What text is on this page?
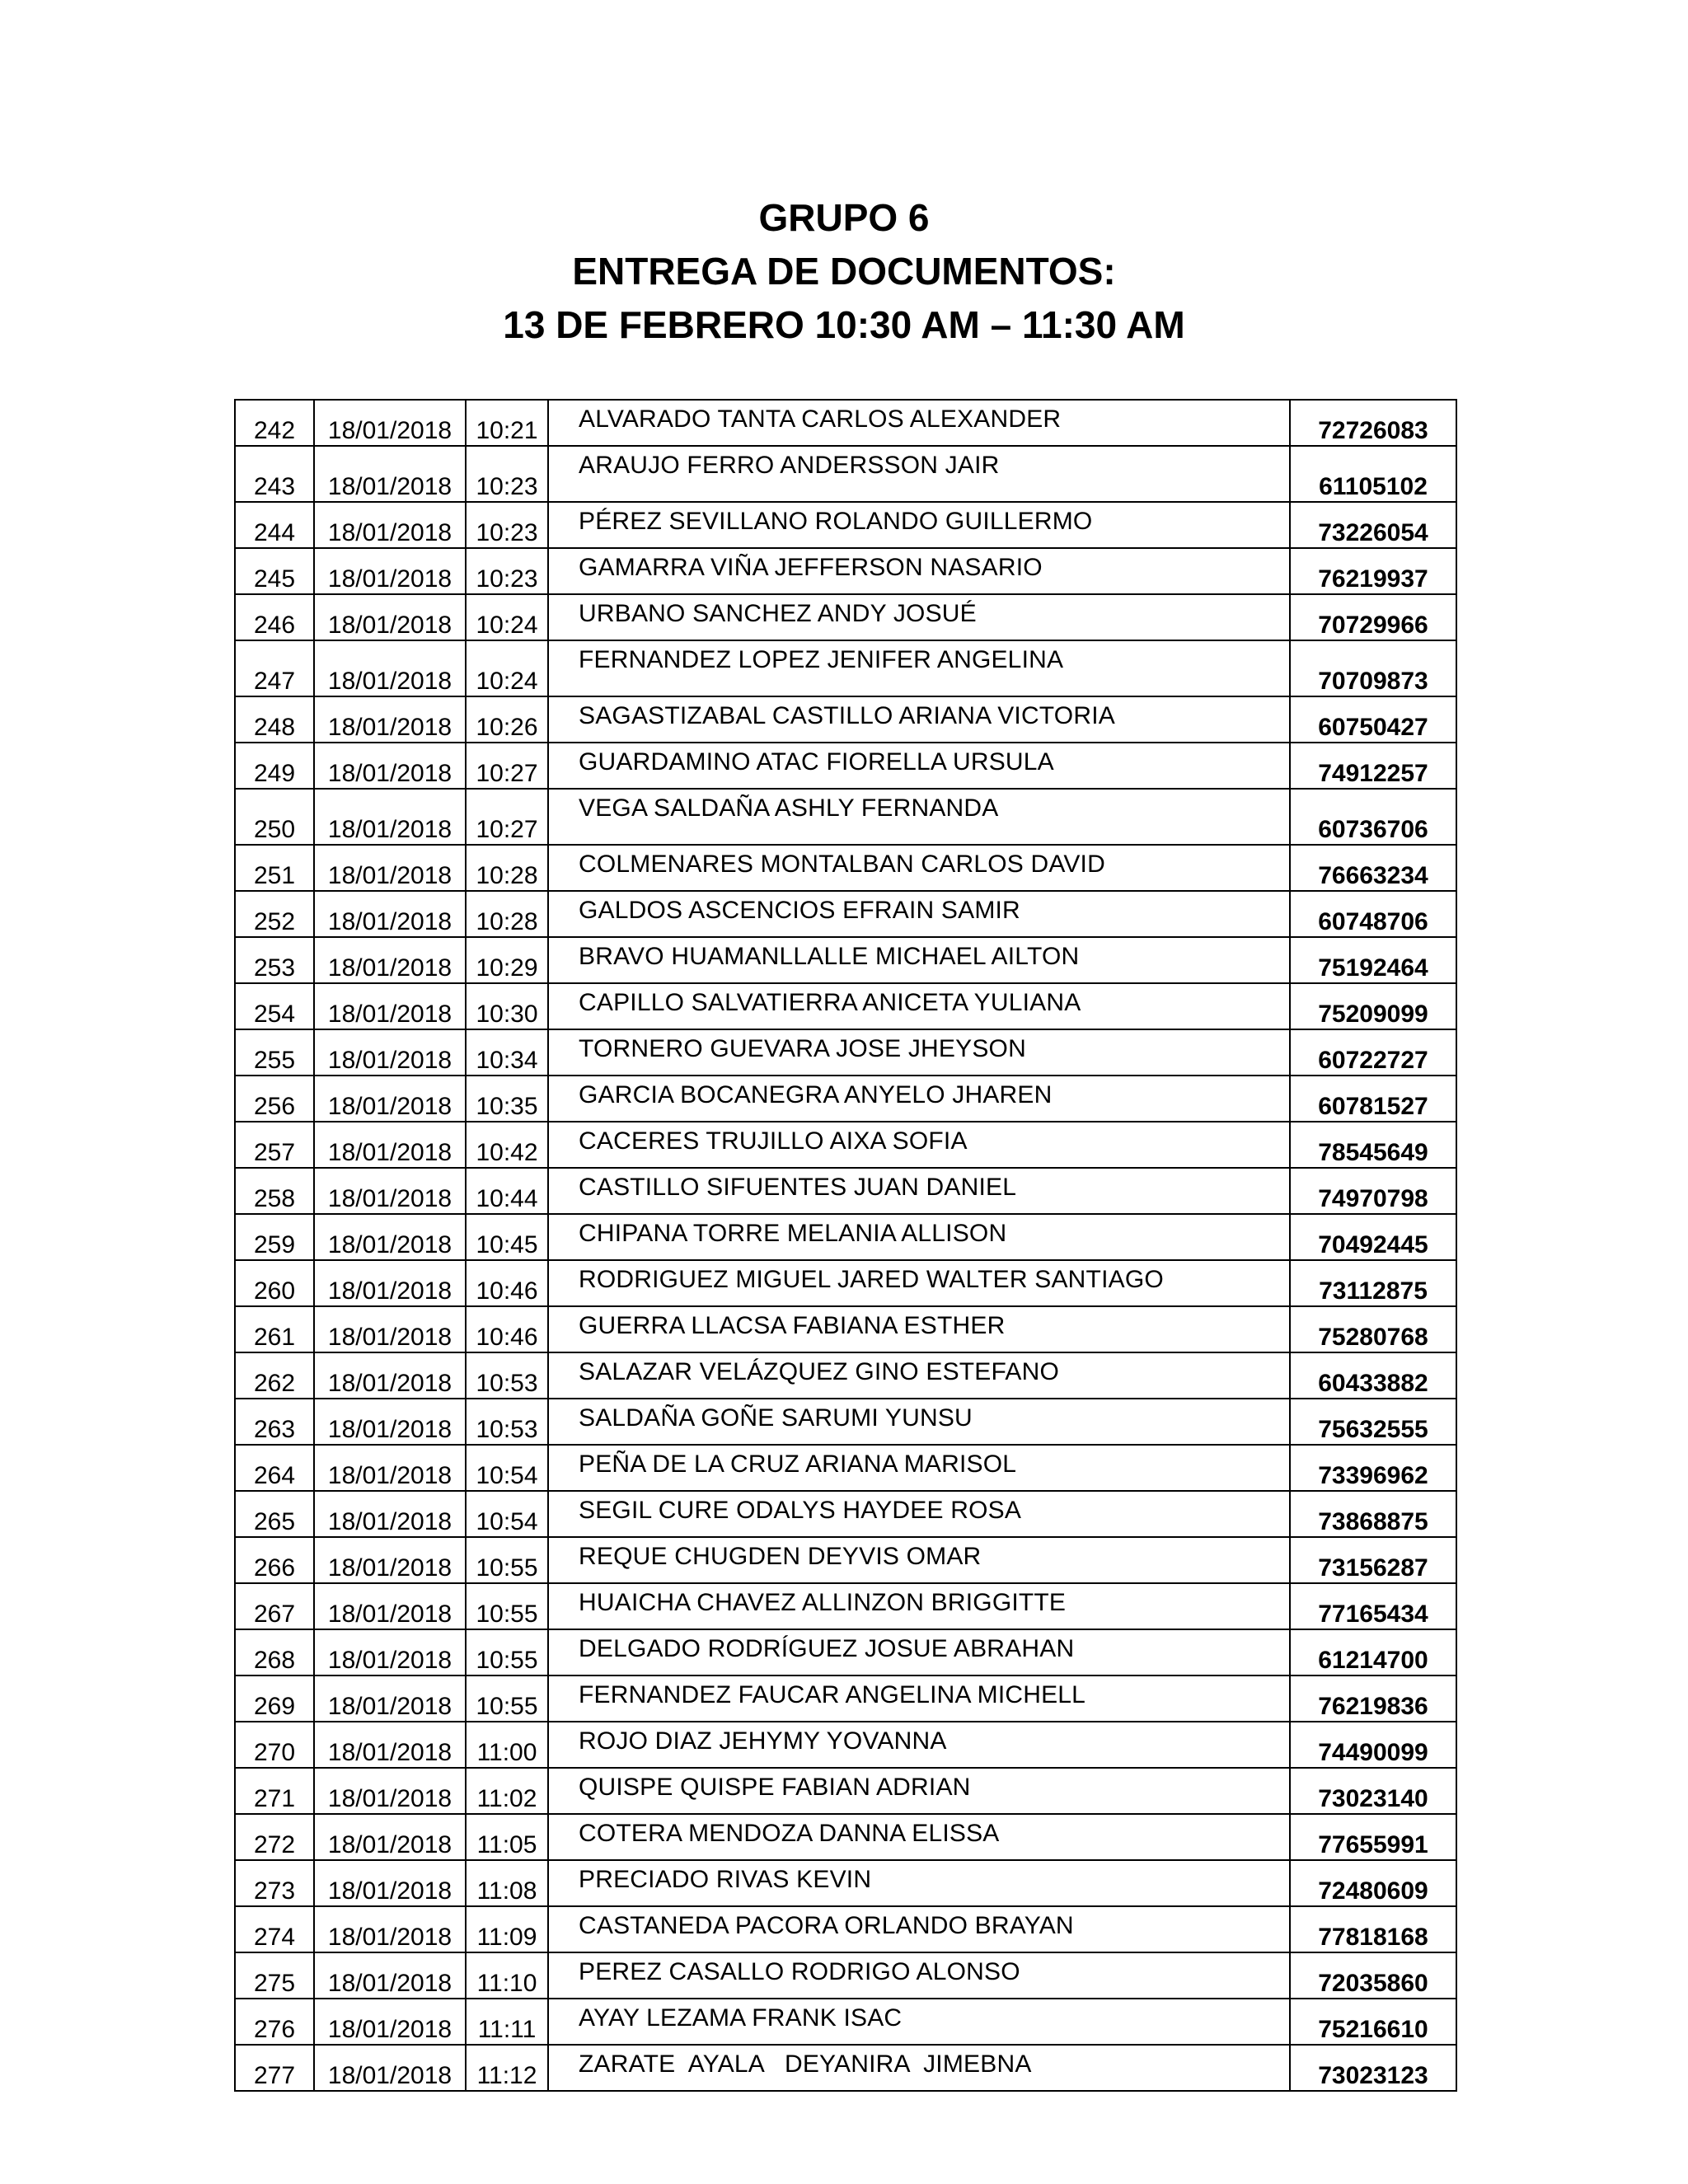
GRUPO 6
ENTREGA DE DOCUMENTOS:
13 DE FEBRERO 10:30 AM – 11:30 AM
242	18/01/2018	10:21	ALVARADO TANTA CARLOS ALEXANDER	72726083
243	18/01/2018	10:23	ARAUJO FERRO ANDERSSON JAIR	61105102
244	18/01/2018	10:23	PÉREZ SEVILLANO ROLANDO GUILLERMO	73226054
245	18/01/2018	10:23	GAMARRA VIÑA JEFFERSON NASARIO	76219937
246	18/01/2018	10:24	URBANO SANCHEZ ANDY JOSUÉ	70729966
247	18/01/2018	10:24	FERNANDEZ LOPEZ JENIFER ANGELINA	70709873
248	18/01/2018	10:26	SAGASTIZABAL CASTILLO ARIANA VICTORIA	60750427
249	18/01/2018	10:27	GUARDAMINO ATAC FIORELLA URSULA	74912257
250	18/01/2018	10:27	VEGA SALDAÑA ASHLY FERNANDA	60736706
251	18/01/2018	10:28	COLMENARES MONTALBAN CARLOS DAVID	76663234
252	18/01/2018	10:28	GALDOS ASCENCIOS EFRAIN SAMIR	60748706
253	18/01/2018	10:29	BRAVO HUAMANLLALLE MICHAEL AILTON	75192464
254	18/01/2018	10:30	CAPILLO SALVATIERRA ANICETA YULIANA	75209099
255	18/01/2018	10:34	TORNERO GUEVARA JOSE JHEYSON	60722727
256	18/01/2018	10:35	GARCIA BOCANEGRA ANYELO JHAREN	60781527
257	18/01/2018	10:42	CACERES TRUJILLO AIXA SOFIA	78545649
258	18/01/2018	10:44	CASTILLO SIFUENTES JUAN DANIEL	74970798
259	18/01/2018	10:45	CHIPANA TORRE MELANIA ALLISON	70492445
260	18/01/2018	10:46	RODRIGUEZ MIGUEL JARED WALTER SANTIAGO	73112875
261	18/01/2018	10:46	GUERRA LLACSA FABIANA ESTHER	75280768
262	18/01/2018	10:53	SALAZAR VELÁZQUEZ GINO ESTEFANO	60433882
263	18/01/2018	10:53	SALDAÑA GOÑE SARUMI YUNSU	75632555
264	18/01/2018	10:54	PEÑA DE LA CRUZ ARIANA MARISOL	73396962
265	18/01/2018	10:54	SEGIL CURE ODALYS HAYDEE ROSA	73868875
266	18/01/2018	10:55	REQUE CHUGDEN DEYVIS OMAR	73156287
267	18/01/2018	10:55	HUAICHA CHAVEZ ALLINZON BRIGGITTE	77165434
268	18/01/2018	10:55	DELGADO RODRÍGUEZ JOSUE ABRAHAN	61214700
269	18/01/2018	10:55	FERNANDEZ FAUCAR ANGELINA MICHELL	76219836
270	18/01/2018	11:00	ROJO DIAZ JEHYMY YOVANNA	74490099
271	18/01/2018	11:02	QUISPE QUISPE FABIAN ADRIAN	73023140
272	18/01/2018	11:05	COTERA MENDOZA DANNA ELISSA	77655991
273	18/01/2018	11:08	PRECIADO RIVAS KEVIN	72480609
274	18/01/2018	11:09	CASTANEDA PACORA ORLANDO BRAYAN	77818168
275	18/01/2018	11:10	PEREZ CASALLO RODRIGO ALONSO	72035860
276	18/01/2018	11:11	AYAY LEZAMA FRANK ISAC	75216610
277	18/01/2018	11:12	ZARATE  AYALA   DEYANIRA  JIMEBNA	73023123
